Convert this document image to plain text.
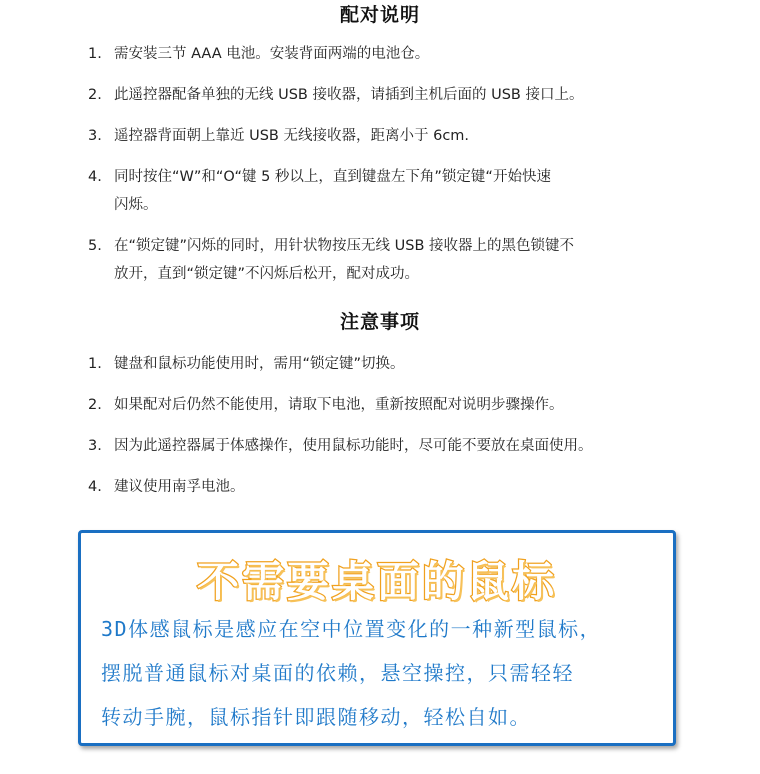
配对说明
1. 需安装三节 AAA 电池。安装背面两端的电池仓。
2. 此遥控器配备单独的无线 USB 接收器，请插到主机后面的 USB 接口上。
3. 遥控器背面朝上靠近 USB 无线接收器，距离小于 6cm.
4. 同时按住“W”和“O“键 5 秒以上，直到键盘左下角”锁定键“开始快速
闪烁。
5. 在“锁定键”闪烁的同时，用针状物按压无线 USB 接收器上的黑色锁键不
放开，直到“锁定键”不闪烁后松开，配对成功。
注意事项
1. 键盘和鼠标功能使用时，需用“锁定键”切换。
2. 如果配对后仍然不能使用，请取下电池，重新按照配对说明步骤操作。
3. 因为此遥控器属于体感操作，使用鼠标功能时，尽可能不要放在桌面使用。
4. 建议使用南孚电池。
不需要桌面的鼠标
3D体感鼠标是感应在空中位置变化的一种新型鼠标，
摆脱普通鼠标对桌面的依赖，悬空操控，只需轻轻
转动手腕，鼠标指针即跟随移动，轻松自如。
